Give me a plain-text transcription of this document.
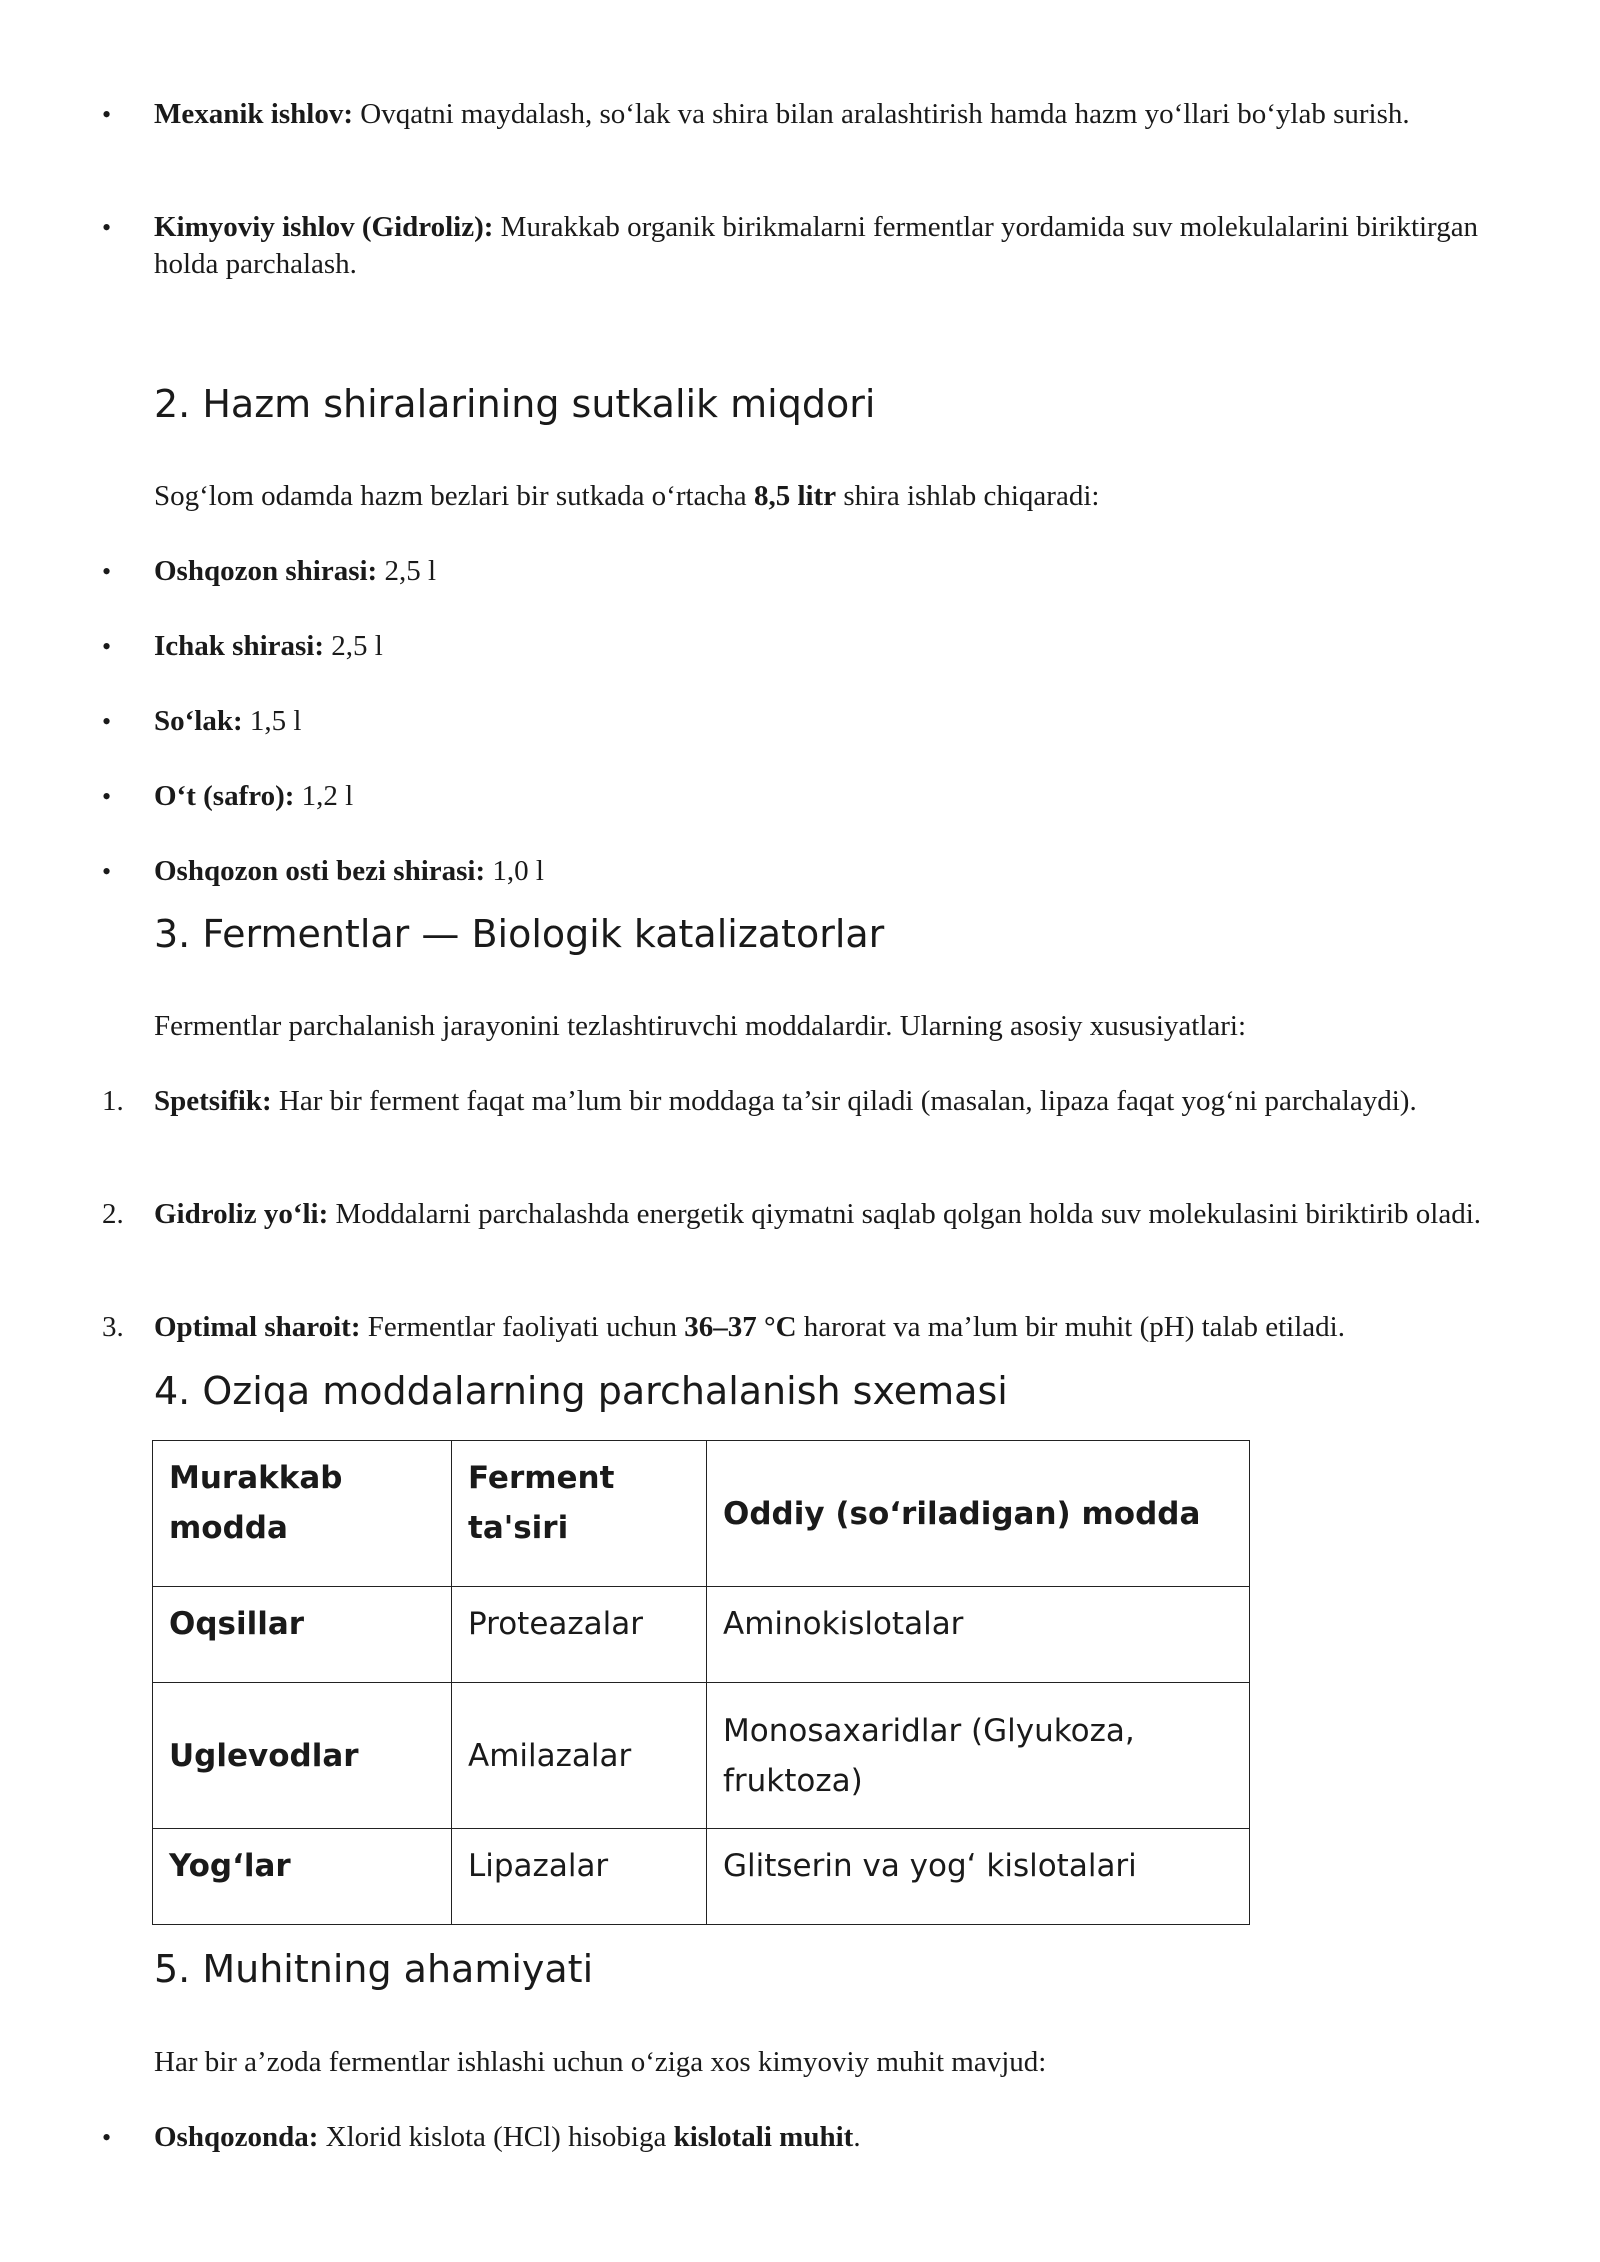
•	Mexanik ishlov: Ovqatni maydalash, so‘lak va shira bilan aralashtirish hamda hazm yo‘llari bo‘ylab surish.
•	Kimyoviy ishlov (Gidroliz): Murakkab organik birikmalarni fermentlar yordamida suv molekulalarini biriktirgan holda parchalash.
2. Hazm shiralarining sutkalik miqdori
Sog‘lom odamda hazm bezlari bir sutkada o‘rtacha 8,5 litr shira ishlab chiqaradi:
•	Oshqozon shirasi: 2,5 l
•	Ichak shirasi: 2,5 l
•	So‘lak: 1,5 l
•	O‘t (safro): 1,2 l
•	Oshqozon osti bezi shirasi: 1,0 l
3. Fermentlar — Biologik katalizatorlar
Fermentlar parchalanish jarayonini tezlashtiruvchi moddalardir. Ularning asosiy xususiyatlari:
1.	Spetsifik: Har bir ferment faqat ma’lum bir moddaga ta’sir qiladi (masalan, lipaza faqat yog‘ni parchalaydi).
2.	Gidroliz yo‘li: Moddalarni parchalashda energetik qiymatni saqlab qolgan holda suv molekulasini biriktirib oladi.
3.	Optimal sharoit: Fermentlar faoliyati uchun 36–37 °C harorat va ma’lum bir muhit (pH) talab etiladi.
4. Oziqa moddalarning parchalanish sxemasi
Murakkab modda	Ferment ta'siri	Oddiy (so‘riladigan) modda
Oqsillar	Proteazalar	Aminokislotalar
Uglevodlar	Amilazalar	Monosaxaridlar (Glyukoza, fruktoza)
Yog‘lar	Lipazalar	Glitserin va yog‘ kislotalari
5. Muhitning ahamiyati
Har bir a’zoda fermentlar ishlashi uchun o‘ziga xos kimyoviy muhit mavjud:
•	Oshqozonda: Xlorid kislota (HCl) hisobiga kislotali muhit.
